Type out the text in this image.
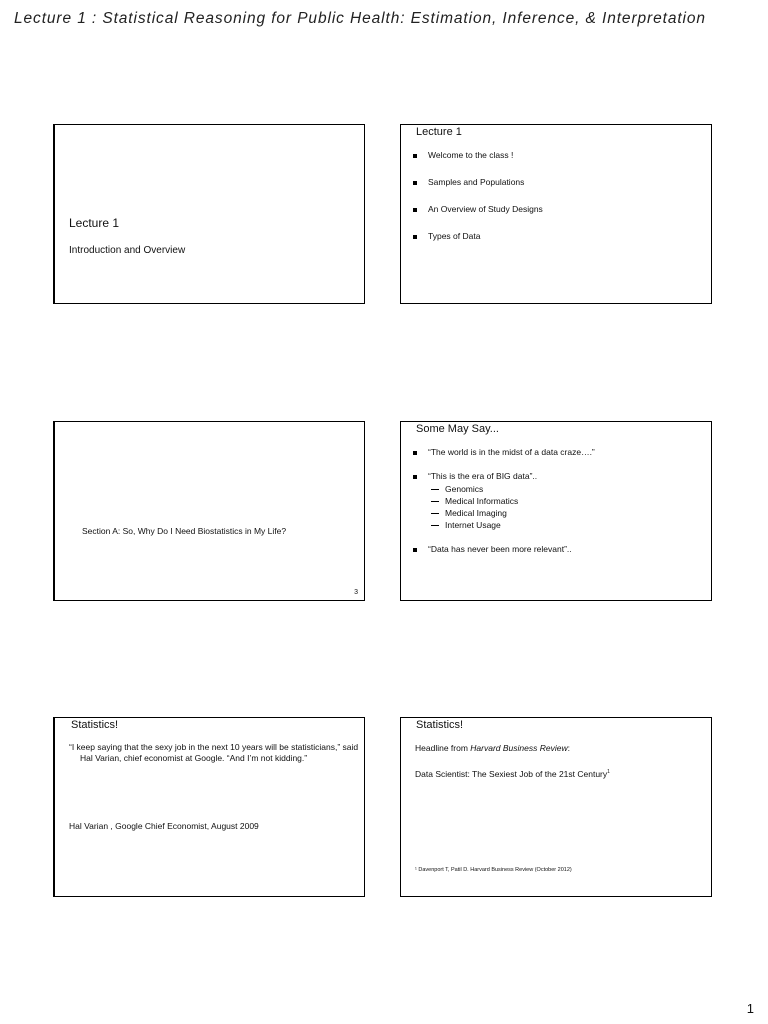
Lecture 1 : Statistical Reasoning for Public Health: Estimation, Inference, & Interpretation
Lecture 1
Introduction and Overview
Lecture 1
Welcome to the class !
Samples and Populations
An Overview of Study Designs
Types of Data
Section A: So, Why Do I Need Biostatistics in My Life?
3
Some May Say...
“The world is in the midst of a data craze….”
“This is the era of BIG data”..
Genomics
Medical Informatics
Medical Imaging
Internet Usage
“Data has never been more relevant”..
Statistics!
“I keep saying that the sexy job in the next 10 years will be statisticians,” said Hal Varian, chief economist at Google. “And I’m not kidding.”
Hal Varian , Google Chief Economist, August 2009
Statistics!
Headline from Harvard Business Review:
Data Scientist: The Sexiest Job of the 21st Century$^1$
¹ Davenport T, Patil D. Harvard Business Review (October 2012)
1
